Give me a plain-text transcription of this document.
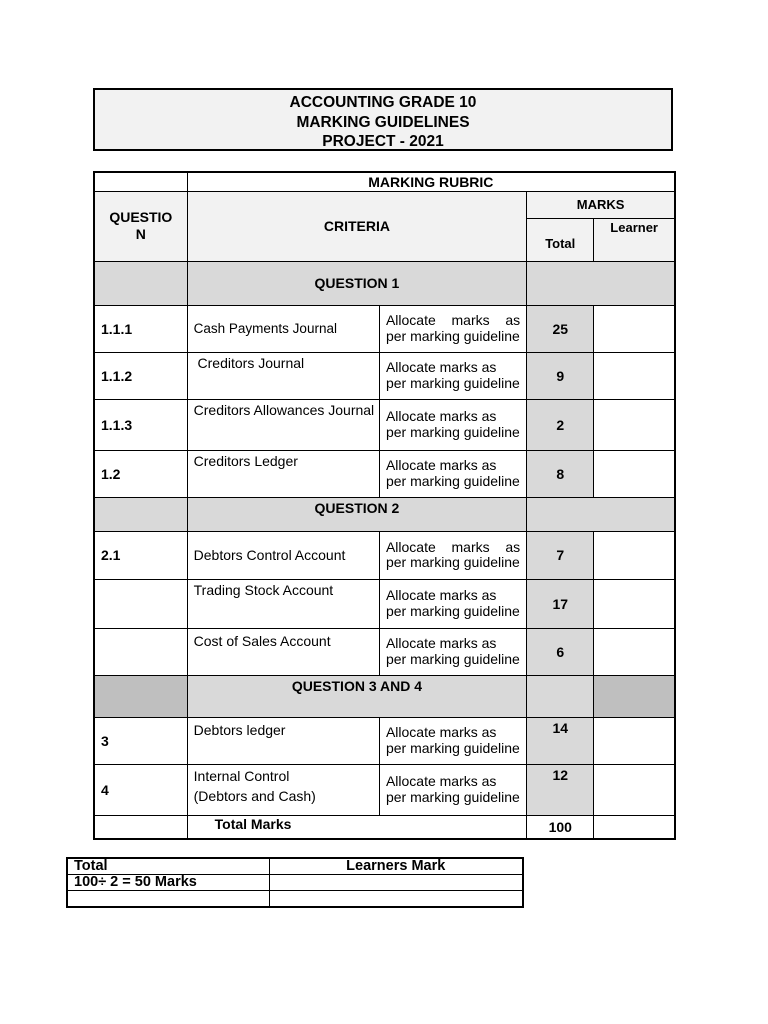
ACCOUNTING GRADE 10
MARKING GUIDELINES
PROJECT - 2021
	MARKING RUBRIC			
QUESTIO
N	CRITERIA		MARKS	
			Total	Learner
	QUESTION 1			
1.1.1	Cash Payments Journal	Allocate marks as per marking guideline	25	
1.1.2	Creditors Journal	Allocate marks as per marking guideline	9	
1.1.3	Creditors Allowances Journal	Allocate marks as per marking guideline	2	
1.2	Creditors Ledger	Allocate marks as per marking guideline	8	
	QUESTION 2			
2.1	Debtors Control Account	Allocate marks as per marking guideline	7	
	Trading Stock Account	Allocate marks as per marking guideline	17	
	Cost of Sales Account	Allocate marks as per marking guideline	6	
	QUESTION 3 AND 4			
3	Debtors ledger	Allocate marks as per marking guideline	14	
4	Internal Control
(Debtors and Cash)	Allocate marks as per marking guideline	12	
	Total Marks		100	
Total	Learners Mark
100÷ 2 = 50 Marks	
